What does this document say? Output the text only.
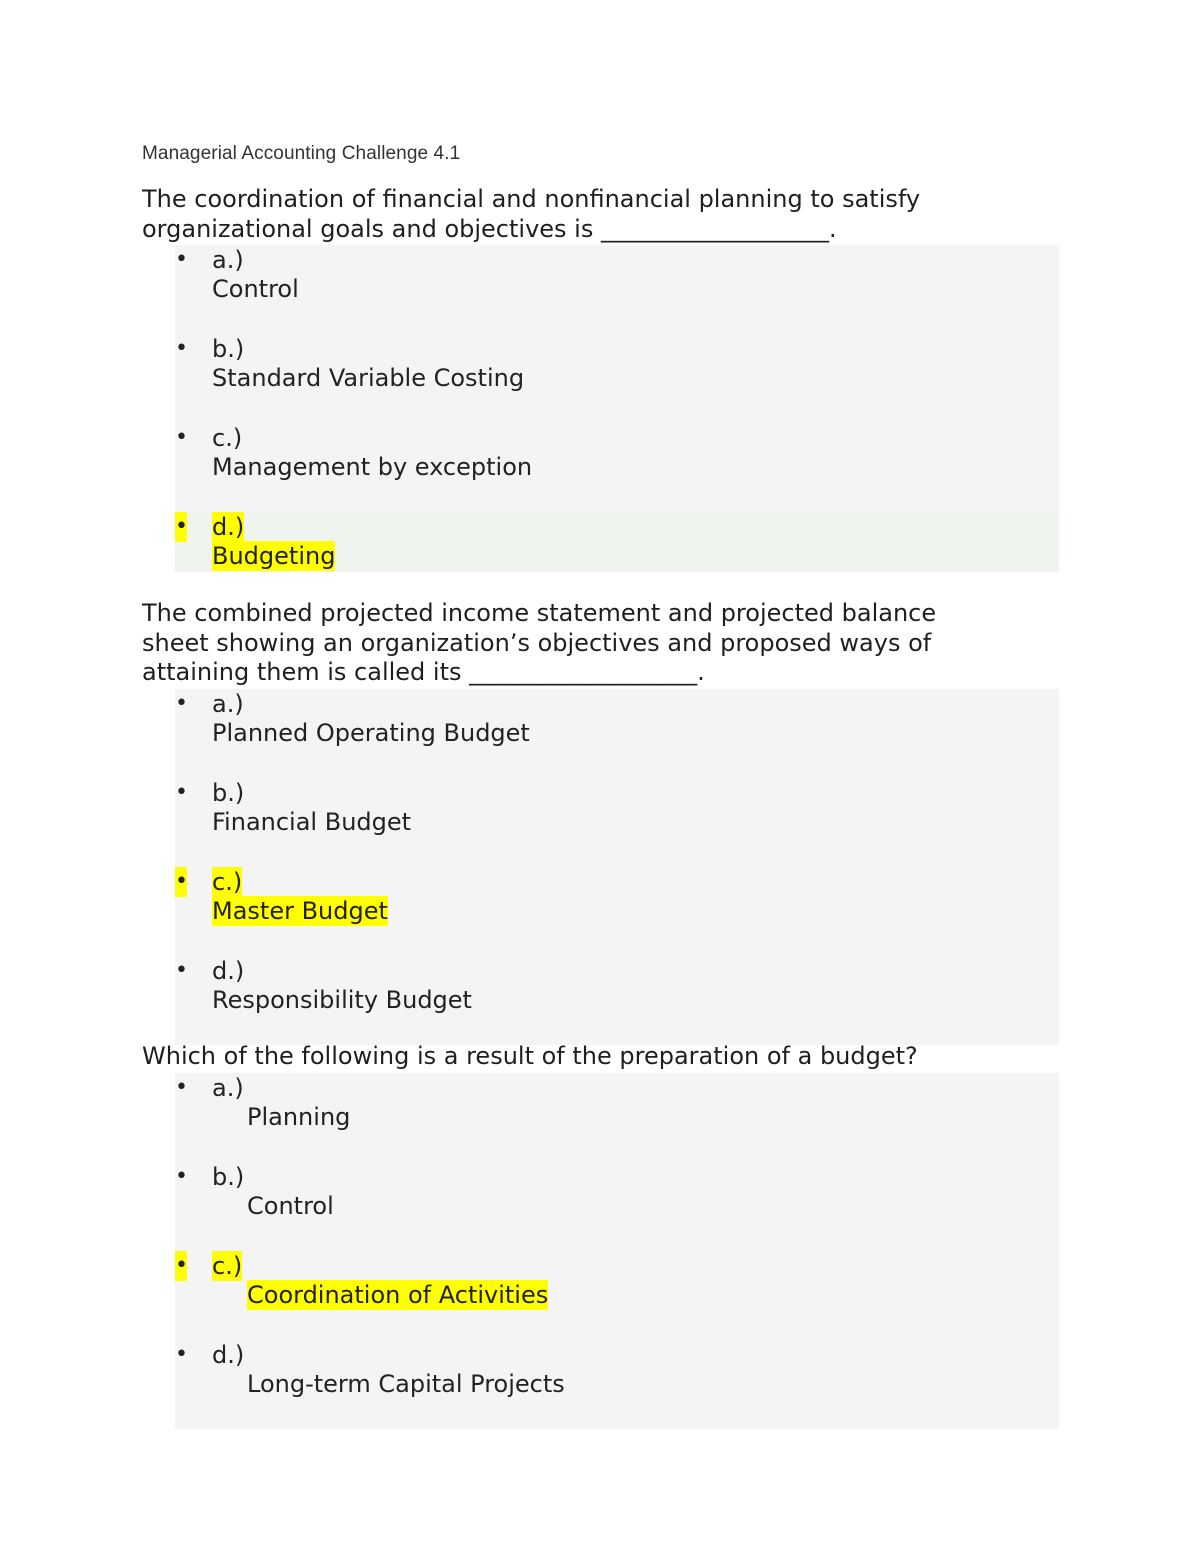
Managerial Accounting Challenge 4.1
The coordination of financial and nonfinancial planning to satisfy
organizational goals and objectives is ___________________.
• a.)
Control
• b.)
Standard Variable Costing
• c.)
Management by exception
• d.)
Budgeting
The combined projected income statement and projected balance
sheet showing an organization’s objectives and proposed ways of
attaining them is called its ___________________.
• a.)
Planned Operating Budget
• b.)
Financial Budget
• c.)
Master Budget
• d.)
Responsibility Budget
Which of the following is a result of the preparation of a budget?
• a.)
Planning
• b.)
Control
• c.)
Coordination of Activities
• d.)
Long-term Capital Projects
